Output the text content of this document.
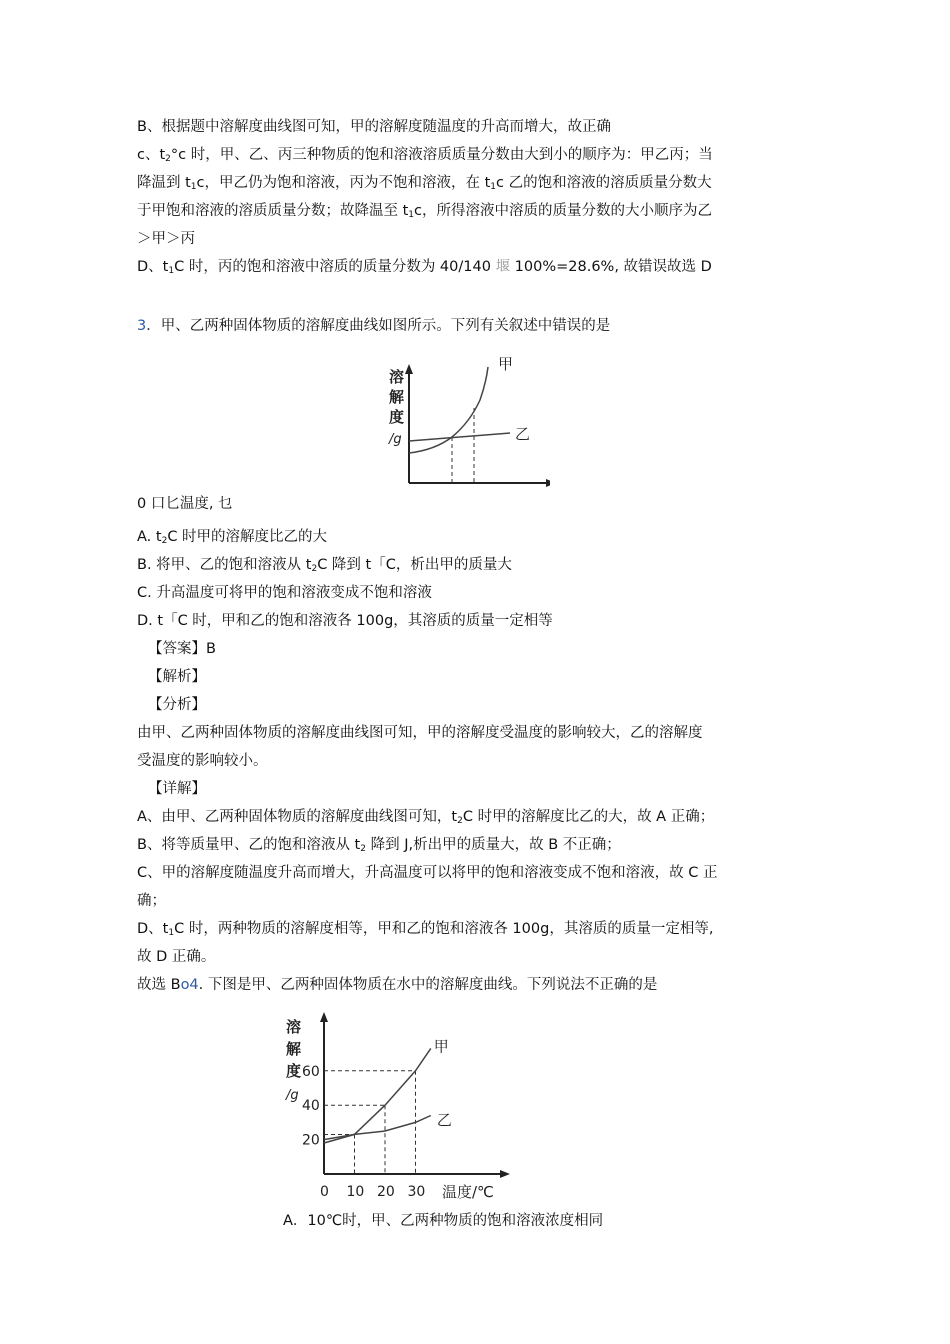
B、根据题中溶解度曲线图可知，甲的溶解度随温度的升高而增大，故正确
c、$t_2^\circ c$ 时，甲、乙、丙三种物质的饱和溶液溶质质量分数由大到小的顺序为：甲乙丙；当
降温到 $t_1c$，甲乙仍为饱和溶液，丙为不饱和溶液，在 $t_1c$ 乙的饱和溶液的溶质质量分数大
于甲饱和溶液的溶质质量分数；故降温至 $t_1c$，所得溶液中溶质的质量分数的大小顺序为乙
＞甲＞丙
D、$t_1C$ 时，丙的饱和溶液中溶质的质量分数为 40/140 堰 100%=28.6%, 故错误故选 D
3．甲、乙两种固体物质的溶解度曲线如图所示。下列有关叙述中错误的是
溶
解
度
/g
甲
乙
0 口匕温度, 乜
A. $t_2C$ 时甲的溶解度比乙的大
B. 将甲、乙的饱和溶液从 $t_2C$ 降到 t「C，析出甲的质量大
C. 升高温度可将甲的饱和溶液变成不饱和溶液
D. t「C 时，甲和乙的饱和溶液各 100g，其溶质的质量一定相等
【答案】B
【解析】
【分析】
由甲、乙两种固体物质的溶解度曲线图可知，甲的溶解度受温度的影响较大，乙的溶解度
受温度的影响较小。
【详解】
A、由甲、乙两种固体物质的溶解度曲线图可知，$t_2C$ 时甲的溶解度比乙的大，故 A 正确；
B、将等质量甲、乙的饱和溶液从 $t_2$ 降到 J,析出甲的质量大，故 B 不正确；
C、甲的溶解度随温度升高而增大，升高温度可以将甲的饱和溶液变成不饱和溶液，故 C 正
确；
D、$t_1C$ 时，两种物质的溶解度相等，甲和乙的饱和溶液各 100g，其溶质的质量一定相等,
故 D 正确。
故选 Bo4. 下图是甲、乙两种固体物质在水中的溶解度曲线。下列说法不正确的是
溶
解
度
/g
甲
乙
20
40
60
0 10 20 30 温度/℃
A．10℃时，甲、乙两种物质的饱和溶液浓度相同
